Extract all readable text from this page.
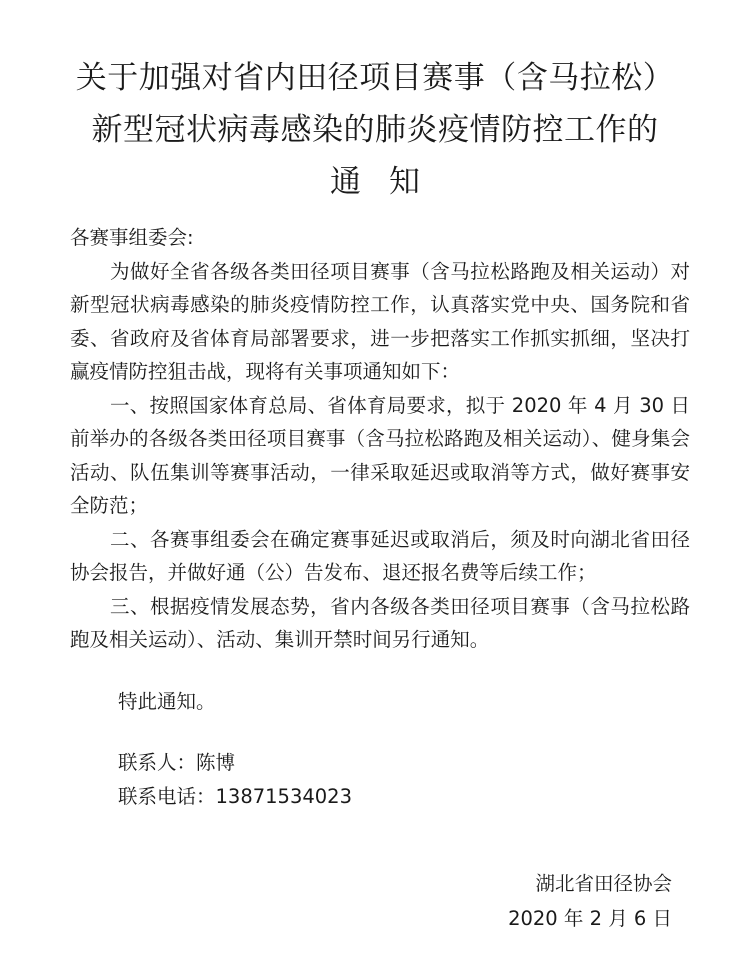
关于加强对省内田径项目赛事（含马拉松）
新型冠状病毒感染的肺炎疫情防控工作的
通知
各赛事组委会:
为做好全省各级各类田径项目赛事（含马拉松路跑及相关运动）对新型冠状病毒感染的肺炎疫情防控工作，认真落实党中央、国务院和省委、省政府及省体育局部署要求，进一步把落实工作抓实抓细，坚决打赢疫情防控狙击战，现将有关事项通知如下：
一、按照国家体育总局、省体育局要求，拟于 2020 年 4 月 30 日前举办的各级各类田径项目赛事（含马拉松路跑及相关运动）、健身集会活动、队伍集训等赛事活动，一律采取延迟或取消等方式，做好赛事安全防范；
二、各赛事组委会在确定赛事延迟或取消后，须及时向湖北省田径协会报告，并做好通（公）告发布、退还报名费等后续工作；
三、根据疫情发展态势，省内各级各类田径项目赛事（含马拉松路跑及相关运动）、活动、集训开禁时间另行通知。
特此通知。
联系人：陈博
联系电话：13871534023
湖北省田径协会
2020 年 2 月 6 日
